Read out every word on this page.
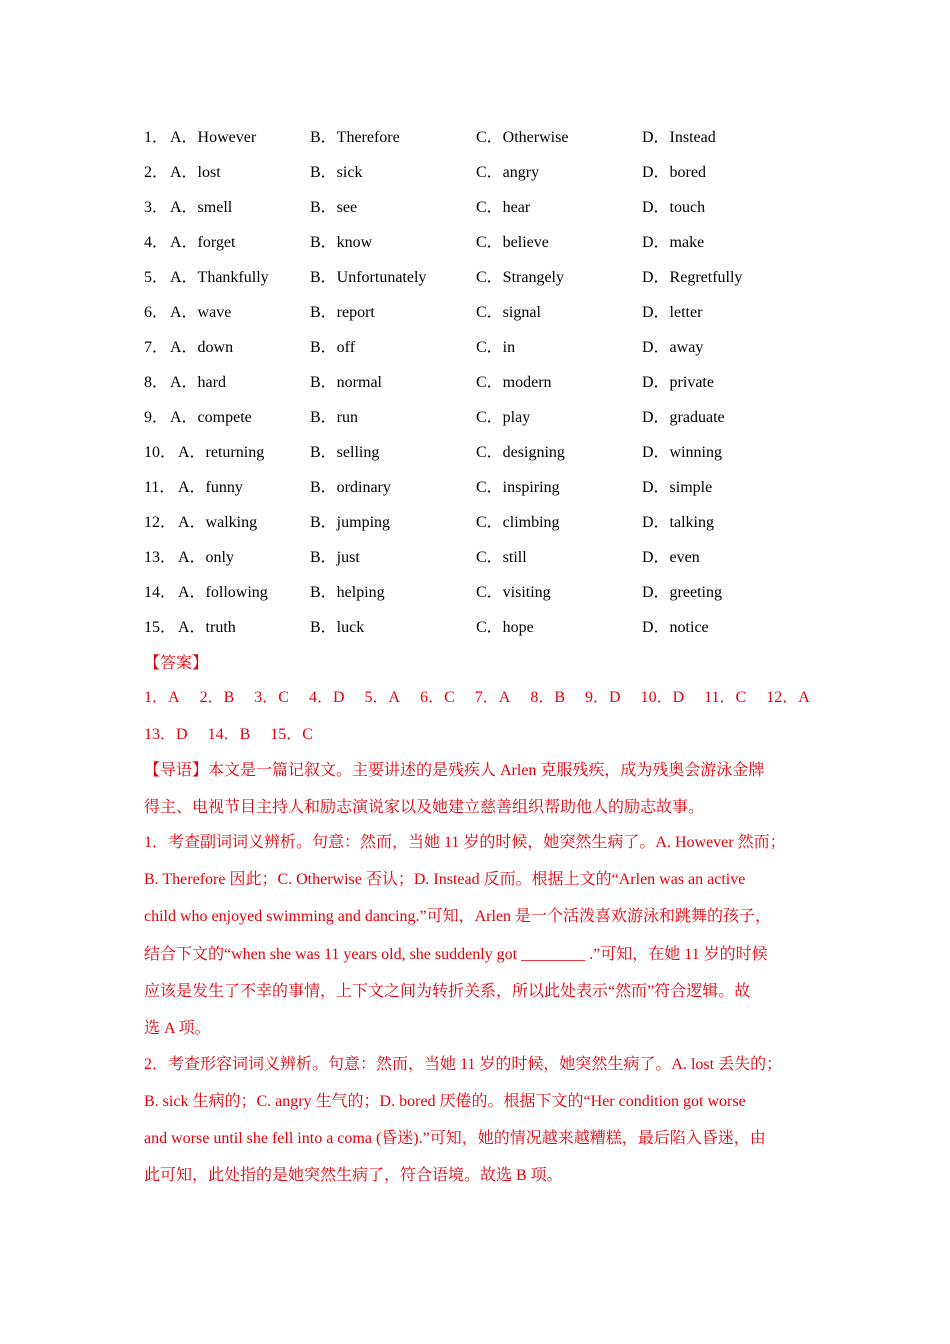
1． A．However	B．Therefore	C．Otherwise	D．Instead
2． A．lost	B．sick	C．angry	D．bored
3． A．smell	B．see	C．hear	D．touch
4． A．forget	B．know	C．believe	D．make
5． A．Thankfully	B．Unfortunately	C．Strangely	D．Regretfully
6． A．wave	B．report	C．signal	D．letter
7． A．down	B．off	C．in	D．away
8． A．hard	B．normal	C．modern	D．private
9． A．compete	B．run	C．play	D．graduate
10． A．returning	B．selling	C．designing	D．winning
11． A．funny	B．ordinary	C．inspiring	D．simple
12． A．walking	B．jumping	C．climbing	D．talking
13． A．only	B．just	C．still	D．even
14． A．following	B．helping	C．visiting	D．greeting
15． A．truth	B．luck	C．hope	D．notice
【答案】
1．A 2．B 3．C 4．D 5．A 6．C 7．A 8．B 9．D 10．D 11．C 12．A
13．D 14．B 15．C
【导语】本文是一篇记叙文。主要讲述的是残疾人 Arlen 克服残疾，成为残奥会游泳金牌
得主、电视节目主持人和励志演说家以及她建立慈善组织帮助他人的励志故事。
1．考查副词词义辨析。句意：然而，当她 11 岁的时候，她突然生病了。A. However 然而；
B. Therefore 因此；C. Otherwise 否认；D. Instead 反而。根据上文的“Arlen was an active
child who enjoyed swimming and dancing.”可知，Arlen 是一个活泼喜欢游泳和跳舞的孩子，
结合下文的“when she was 11 years old, she suddenly got ________ .”可知，在她 11 岁的时候
应该是发生了不幸的事情，上下文之间为转折关系，所以此处表示“然而”符合逻辑。故
选 A 项。
2．考查形容词词义辨析。句意：然而，当她 11 岁的时候，她突然生病了。A. lost 丢失的；
B. sick 生病的；C. angry 生气的；D. bored 厌倦的。根据下文的“Her condition got worse
and worse until she fell into a coma (昏迷).”可知，她的情况越来越糟糕，最后陷入昏迷，由
此可知，此处指的是她突然生病了，符合语境。故选 B 项。
